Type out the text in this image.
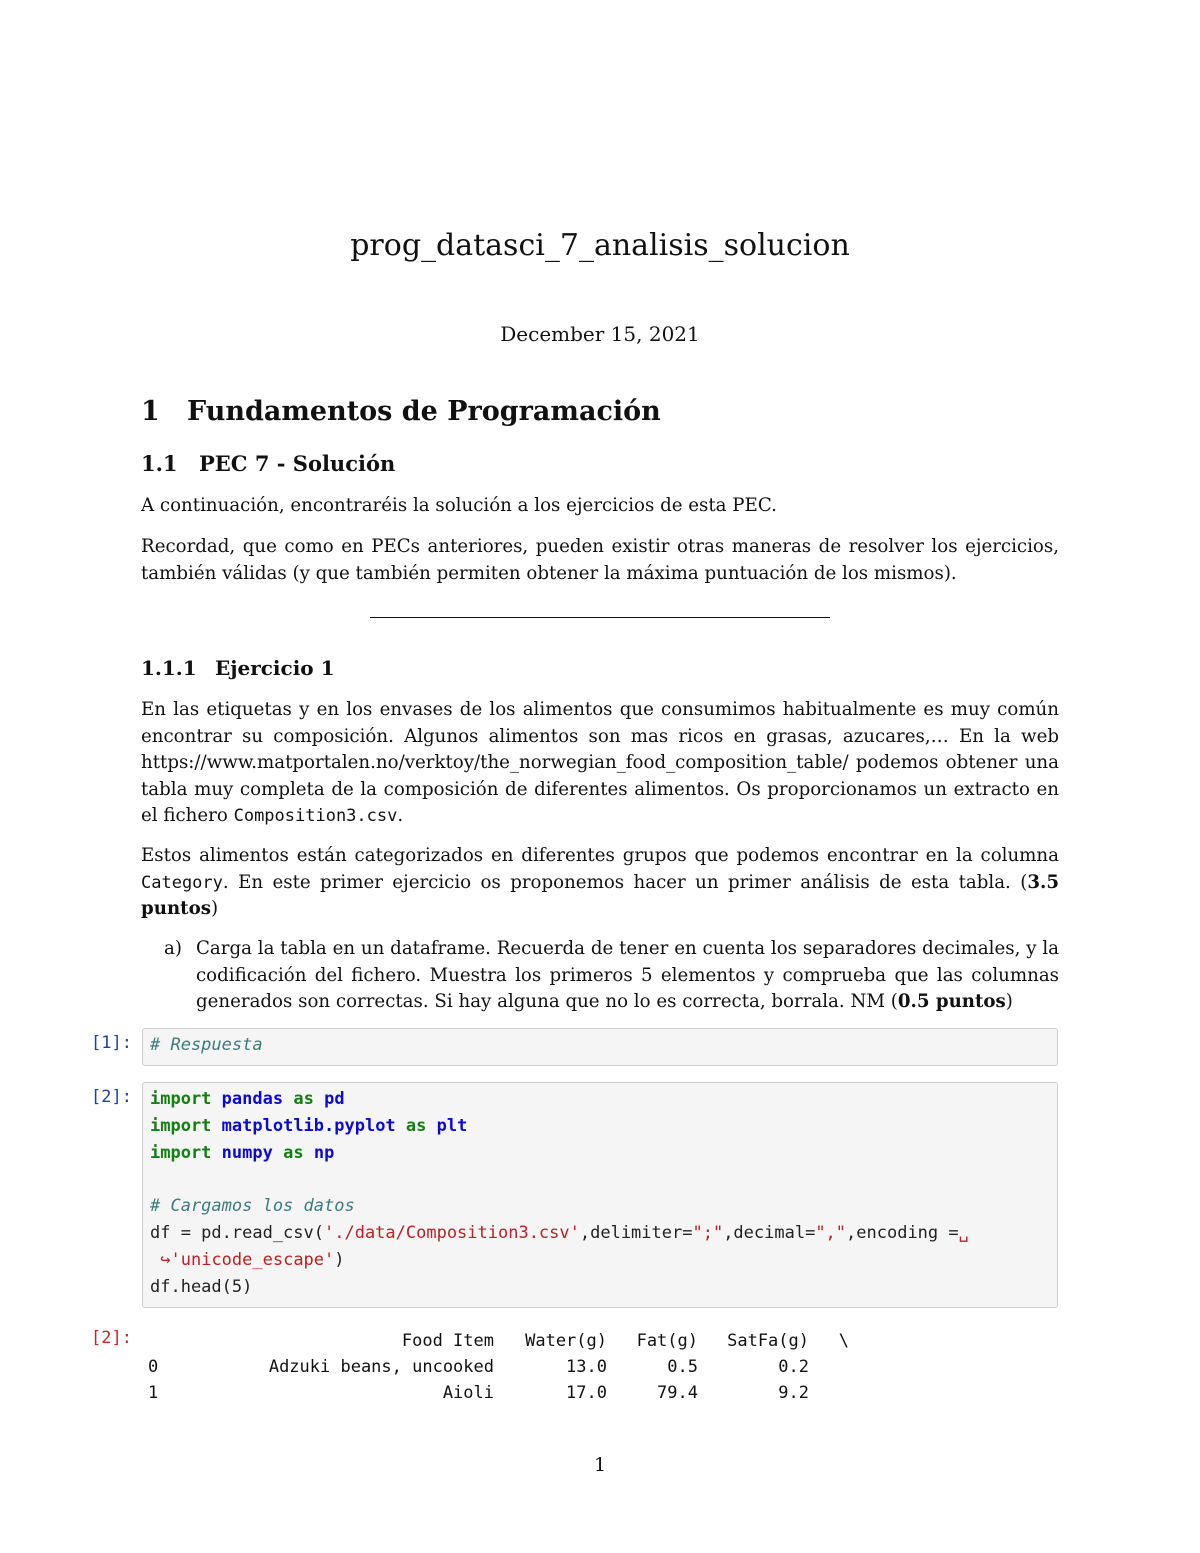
prog_datasci_7_analisis_solucion
December 15, 2021
1 Fundamentos de Programación
1.1 PEC 7 - Solución
A continuación, encontraréis la solución a los ejercicios de esta PEC.
Recordad, que como en PECs anteriores, pueden existir otras maneras de resolver los ejercicios, también válidas (y que también permiten obtener la máxima puntuación de los mismos).
1.1.1 Ejercicio 1
En las etiquetas y en los envases de los alimentos que consumimos habitualmente es muy común encontrar su composición. Algunos alimentos son mas ricos en grasas, azucares,… En la web https://www.matportalen.no/verktoy/the_norwegian_food_composition_table/ podemos obtener una tabla muy completa de la composición de diferentes alimentos. Os proporcionamos un extracto en el fichero Composition3.csv.
Estos alimentos están categorizados en diferentes grupos que podemos encontrar en la columna Category. En este primer ejercicio os proponemos hacer un primer análisis de esta tabla. (3.5 puntos)
a) Carga la tabla en un dataframe. Recuerda de tener en cuenta los separadores decimales, y la codificación del fichero. Muestra los primeros 5 elementos y comprueba que las columnas generados son correctas. Si hay alguna que no lo es correcta, borrala. NM (0.5 puntos)
[1]: # Respuesta
[2]: import pandas as pd
import matplotlib.pyplot as plt
import numpy as np

# Cargamos los datos
df = pd.read_csv('./data/Composition3.csv',delimiter=";",decimal=",",encoding =␣
↪'unicode_escape')
df.head(5)
[2]:
		Food Item	Water(g)	Fat(g)	SatFa(g)	\
0	Adzuki beans, uncooked	13.0	0.5	0.2	
1	Aioli	17.0	79.4	9.2	
1
